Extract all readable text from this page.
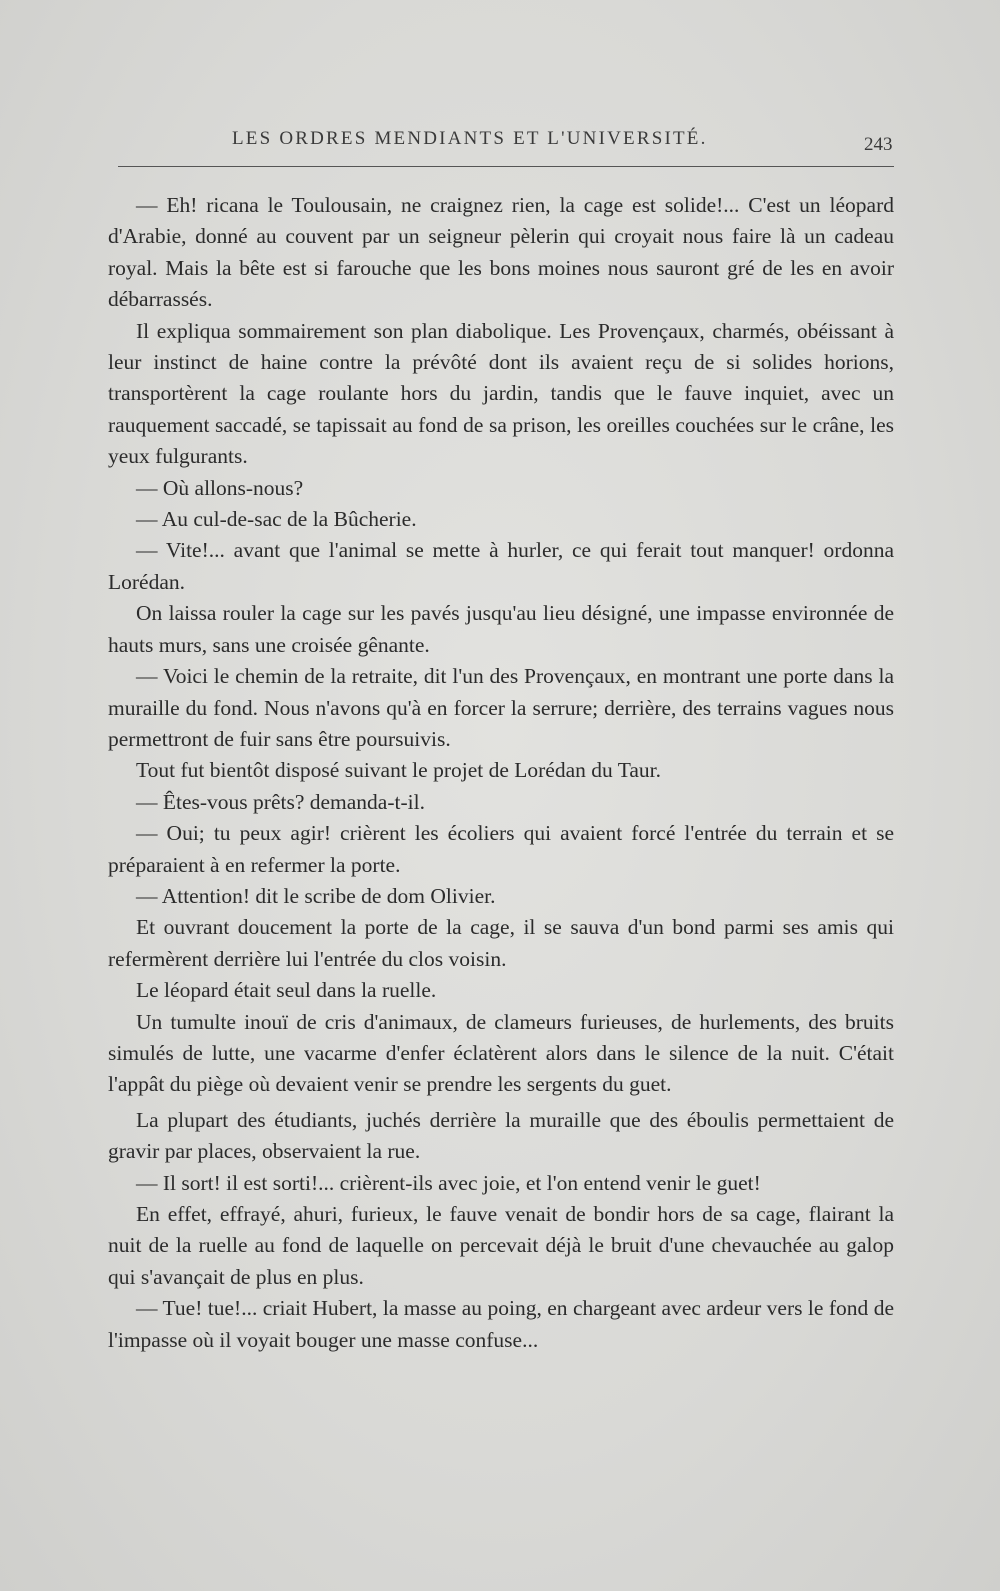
LES ORDRES MENDIANTS ET L'UNIVERSITÉ.	243

— Eh! ricana le Toulousain, ne craignez rien, la cage est solide!... C'est un léopard d'Arabie, donné au couvent par un seigneur pèlerin qui croyait nous faire là un cadeau royal. Mais la bête est si farouche que les bons moines nous sauront gré de les en avoir débarrassés.

Il expliqua sommairement son plan diabolique. Les Provençaux, charmés, obéissant à leur instinct de haine contre la prévôté dont ils avaient reçu de si solides horions, transportèrent la cage roulante hors du jardin, tandis que le fauve inquiet, avec un rauquement saccadé, se tapissait au fond de sa prison, les oreilles couchées sur le crâne, les yeux fulgurants.

— Où allons-nous?

— Au cul-de-sac de la Bûcherie.

— Vite!... avant que l'animal se mette à hurler, ce qui ferait tout manquer! ordonna Lorédan.

On laissa rouler la cage sur les pavés jusqu'au lieu désigné, une impasse environnée de hauts murs, sans une croisée gênante.

— Voici le chemin de la retraite, dit l'un des Provençaux, en montrant une porte dans la muraille du fond. Nous n'avons qu'à en forcer la serrure; derrière, des terrains vagues nous permettront de fuir sans être poursuivis.

Tout fut bientôt disposé suivant le projet de Lorédan du Taur.

— Êtes-vous prêts? demanda-t-il.

— Oui; tu peux agir! crièrent les écoliers qui avaient forcé l'entrée du terrain et se préparaient à en refermer la porte.

— Attention! dit le scribe de dom Olivier.

Et ouvrant doucement la porte de la cage, il se sauva d'un bond parmi ses amis qui refermèrent derrière lui l'entrée du clos voisin.

Le léopard était seul dans la ruelle.

Un tumulte inouï de cris d'animaux, de clameurs furieuses, de hurlements, des bruits simulés de lutte, une vacarme d'enfer éclatèrent alors dans le silence de la nuit. C'était l'appât du piège où devaient venir se prendre les sergents du guet.

La plupart des étudiants, juchés derrière la muraille que des éboulis permettaient de gravir par places, observaient la rue.

— Il sort! il est sorti!... crièrent-ils avec joie, et l'on entend venir le guet!

En effet, effrayé, ahuri, furieux, le fauve venait de bondir hors de sa cage, flairant la nuit de la ruelle au fond de laquelle on percevait déjà le bruit d'une chevauchée au galop qui s'avançait de plus en plus.

— Tue! tue!... criait Hubert, la masse au poing, en chargeant avec ardeur vers le fond de l'impasse où il voyait bouger une masse confuse...
